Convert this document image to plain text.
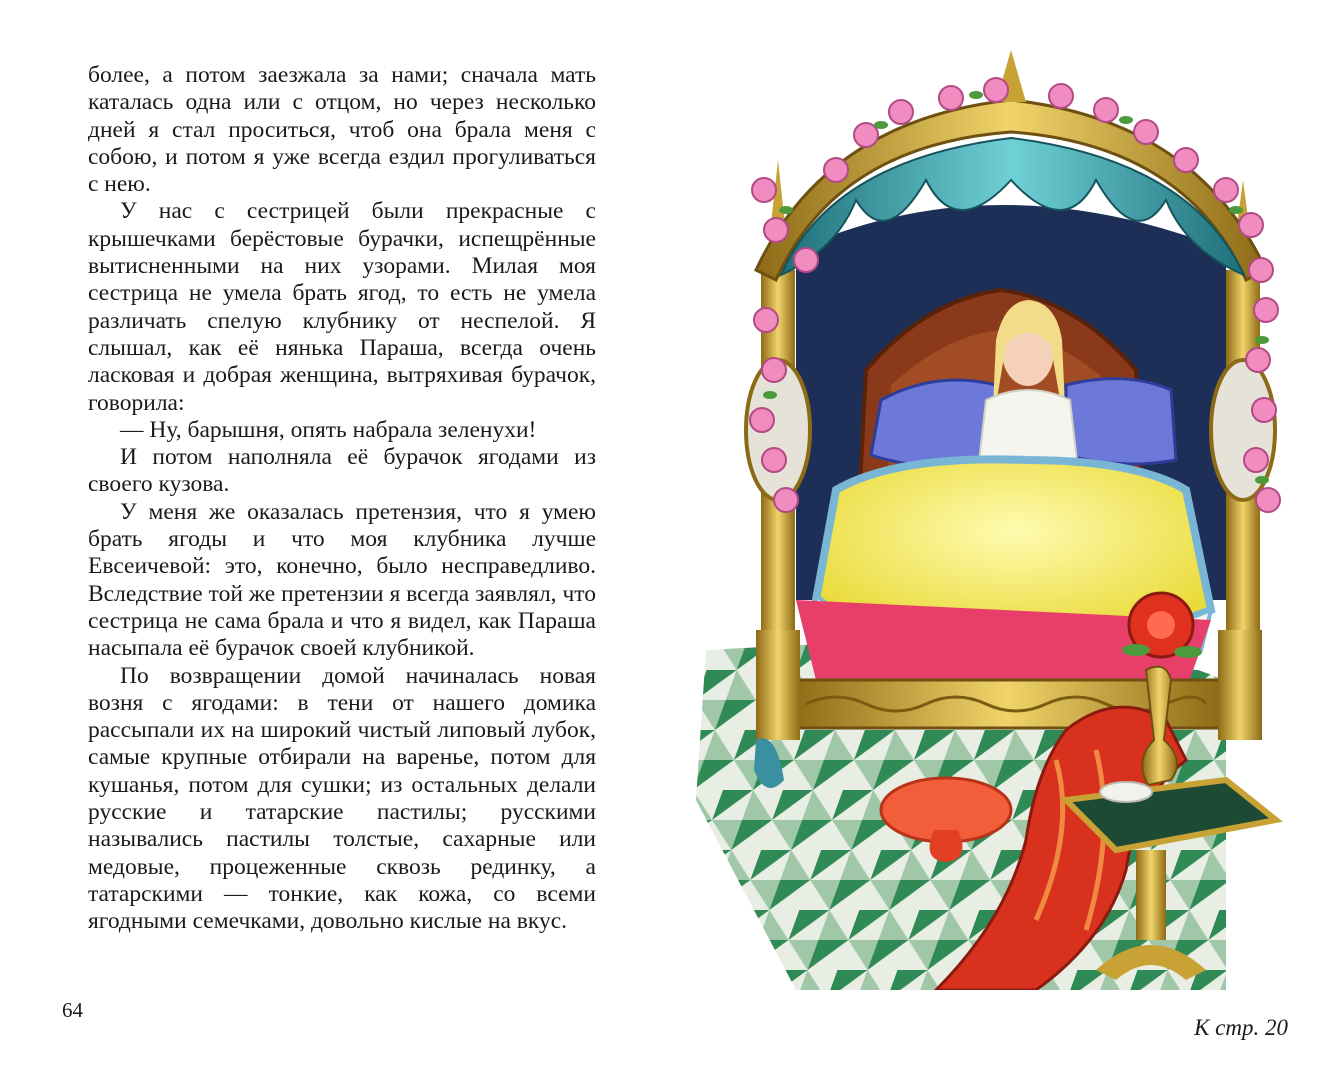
более, а потом заезжала за нами; сначала мать каталась одна или с отцом, но через несколько дней я стал проситься, чтоб она брала меня с собою, и потом я уже всегда ездил прогуливаться с нею.

У нас с сестрицей были прекрасные с крышечками берёстовые бурачки, испещрённые вытисненными на них узорами. Милая моя сестрица не умела брать ягод, то есть не умела различать спелую клубнику от неспелой. Я слышал, как её нянька Параша, всегда очень ласковая и добрая женщина, вытряхивая бурачок, говорила:

— Ну, барышня, опять набрала зеленухи!

И потом наполняла её бурачок ягодами из своего кузова.

У меня же оказалась претензия, что я умею брать ягоды и что моя клубника лучше Евсеичевой: это, конечно, было несправедливо. Вследствие той же претензии я всегда заявлял, что сестрица не сама брала и что я видел, как Параша насыпала её бурачок своей клубникой.

По возвращении домой начиналась новая возня с ягодами: в тени от нашего домика рассыпали их на широкий чистый липовый лубок, самые крупные отбирали на варенье, потом для кушанья, потом для сушки; из остальных делали русские и татарские пастилы; русскими назывались пастилы толстые, сахарные или медовые, процеженные сквозь рединку, а татарскими — тонкие, как кожа, со всеми ягодными семечками, довольно кислые на вкус.

64
К стр. 20
